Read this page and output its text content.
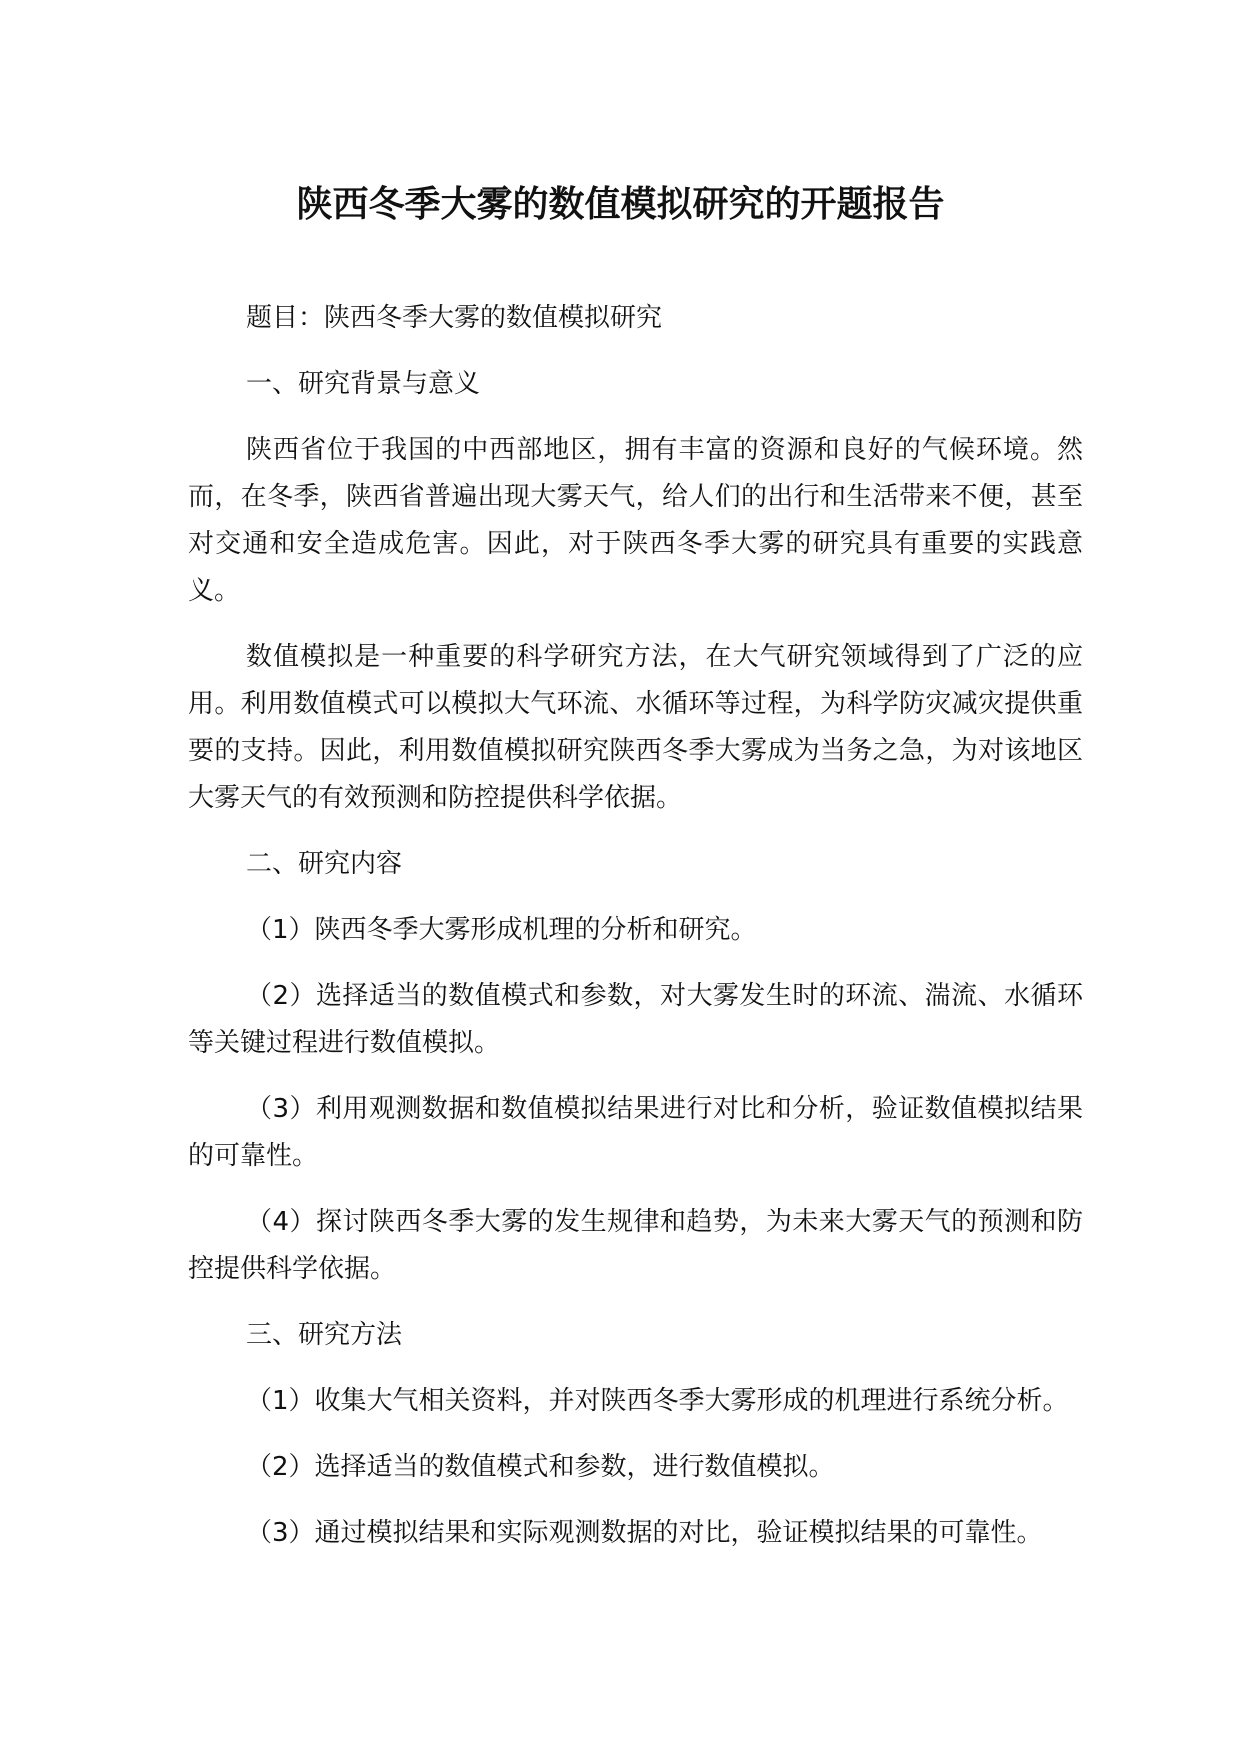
陕西冬季大雾的数值模拟研究的开题报告

题目：陕西冬季大雾的数值模拟研究

一、研究背景与意义

陕西省位于我国的中西部地区，拥有丰富的资源和良好的气候环境。然而，在冬季，陕西省普遍出现大雾天气，给人们的出行和生活带来不便，甚至对交通和安全造成危害。因此，对于陕西冬季大雾的研究具有重要的实践意义。

数值模拟是一种重要的科学研究方法，在大气研究领域得到了广泛的应用。利用数值模式可以模拟大气环流、水循环等过程，为科学防灾减灾提供重要的支持。因此，利用数值模拟研究陕西冬季大雾成为当务之急，为对该地区大雾天气的有效预测和防控提供科学依据。

二、研究内容

（1）陕西冬季大雾形成机理的分析和研究。

（2）选择适当的数值模式和参数，对大雾发生时的环流、湍流、水循环等关键过程进行数值模拟。

（3）利用观测数据和数值模拟结果进行对比和分析，验证数值模拟结果的可靠性。

（4）探讨陕西冬季大雾的发生规律和趋势，为未来大雾天气的预测和防控提供科学依据。

三、研究方法

（1）收集大气相关资料，并对陕西冬季大雾形成的机理进行系统分析。

（2）选择适当的数值模式和参数，进行数值模拟。

（3）通过模拟结果和实际观测数据的对比，验证模拟结果的可靠性。
